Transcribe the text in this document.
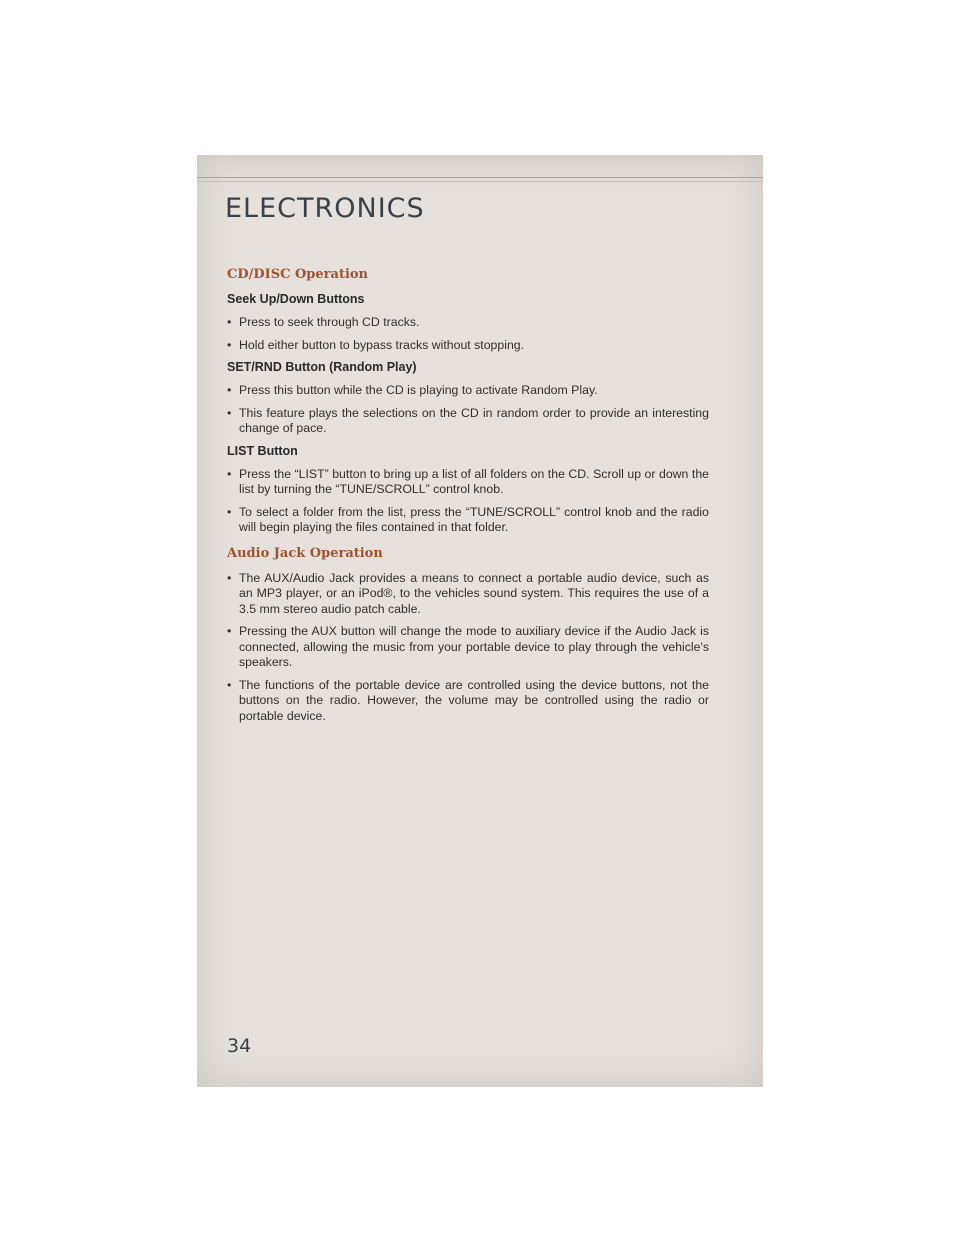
ELECTRONICS
CD/DISC Operation
Seek Up/Down Buttons
• Press to seek through CD tracks.
• Hold either button to bypass tracks without stopping.
SET/RND Button (Random Play)
• Press this button while the CD is playing to activate Random Play.
• This feature plays the selections on the CD in random order to provide an interesting change of pace.
LIST Button
• Press the “LIST” button to bring up a list of all folders on the CD. Scroll up or down the list by turning the “TUNE/SCROLL” control knob.
• To select a folder from the list, press the “TUNE/SCROLL” control knob and the radio will begin playing the files contained in that folder.
Audio Jack Operation
• The AUX/Audio Jack provides a means to connect a portable audio device, such as an MP3 player, or an iPod®, to the vehicles sound system. This requires the use of a 3.5 mm stereo audio patch cable.
• Pressing the AUX button will change the mode to auxiliary device if the Audio Jack is connected, allowing the music from your portable device to play through the vehicle's speakers.
• The functions of the portable device are controlled using the device buttons, not the buttons on the radio. However, the volume may be controlled using the radio or portable device.
34
